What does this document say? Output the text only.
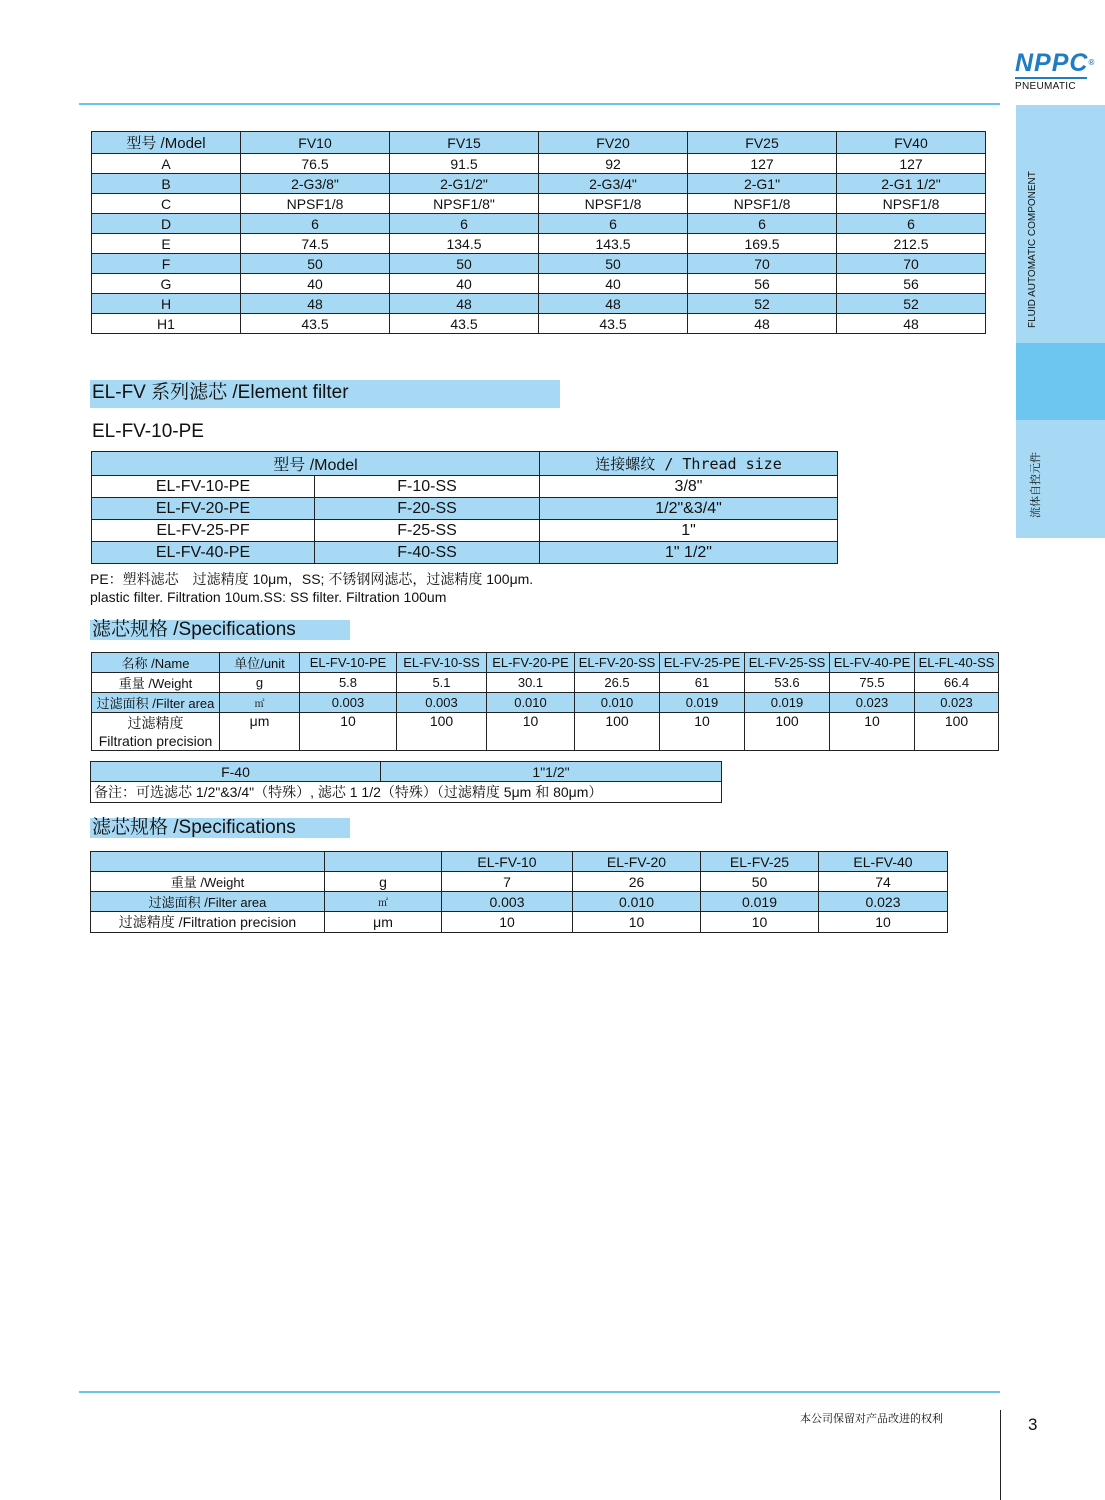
NPPC®
PNEUMATIC
FLUID AUTOMATIC COMPONENT
流体自控元件
型号 /Model	FV10	FV15	FV20	FV25	FV40
A	76.5	91.5	92	127	127
B	2-G3/8"	2-G1/2"	2-G3/4"	2-G1"	2-G1 1/2"
C	NPSF1/8	NPSF1/8"	NPSF1/8	NPSF1/8	NPSF1/8
D	6	6	6	6	6
E	74.5	134.5	143.5	169.5	212.5
F	50	50	50	70	70
G	40	40	40	56	56
H	48	48	48	52	52
H1	43.5	43.5	43.5	48	48
EL-FV 系列滤芯 /Element filter
EL-FV-10-PE
型号 /Model		连接螺纹 / Thread size
EL-FV-10-PE	F-10-SS	3/8"
EL-FV-20-PE	F-20-SS	1/2"&3/4"
EL-FV-25-PF	F-25-SS	1"
EL-FV-40-PE	F-40-SS	1" 1/2"
PE：塑料滤芯　过滤精度 10μm，SS; 不锈钢网滤芯，过滤精度 100μm.
plastic filter. Filtration 10um.SS: SS filter. Filtration 100um
滤芯规格 /Specifications
名称 /Name	单位/unit	EL-FV-10-PE	EL-FV-10-SS	EL-FV-20-PE	EL-FV-20-SS	EL-FV-25-PE	EL-FV-25-SS	EL-FV-40-PE	EL-FL-40-SS
重量 /Weight	g	5.8	5.1	30.1	26.5	61	53.6	75.5	66.4
过滤面积 /Filter area	㎡	0.003	0.003	0.010	0.010	0.019	0.019	0.023	0.023

过滤精度
Filtration precision	μm	10	100	10	100	10	100	10	100
F-40	1"1/2"
备注：可选滤芯 1/2"&3/4"（特殊）, 滤芯 1 1/2（特殊）（过滤精度 5μm 和 80μm）
滤芯规格 /Specifications
		EL-FV-10	EL-FV-20	EL-FV-25	EL-FV-40
重量 /Weight	g	7	26	50	74
过滤面积 /Filter area	㎡	0.003	0.010	0.019	0.023
过滤精度 /Filtration precision	μm	10	10	10	10
本公司保留对产品改进的权利	3
